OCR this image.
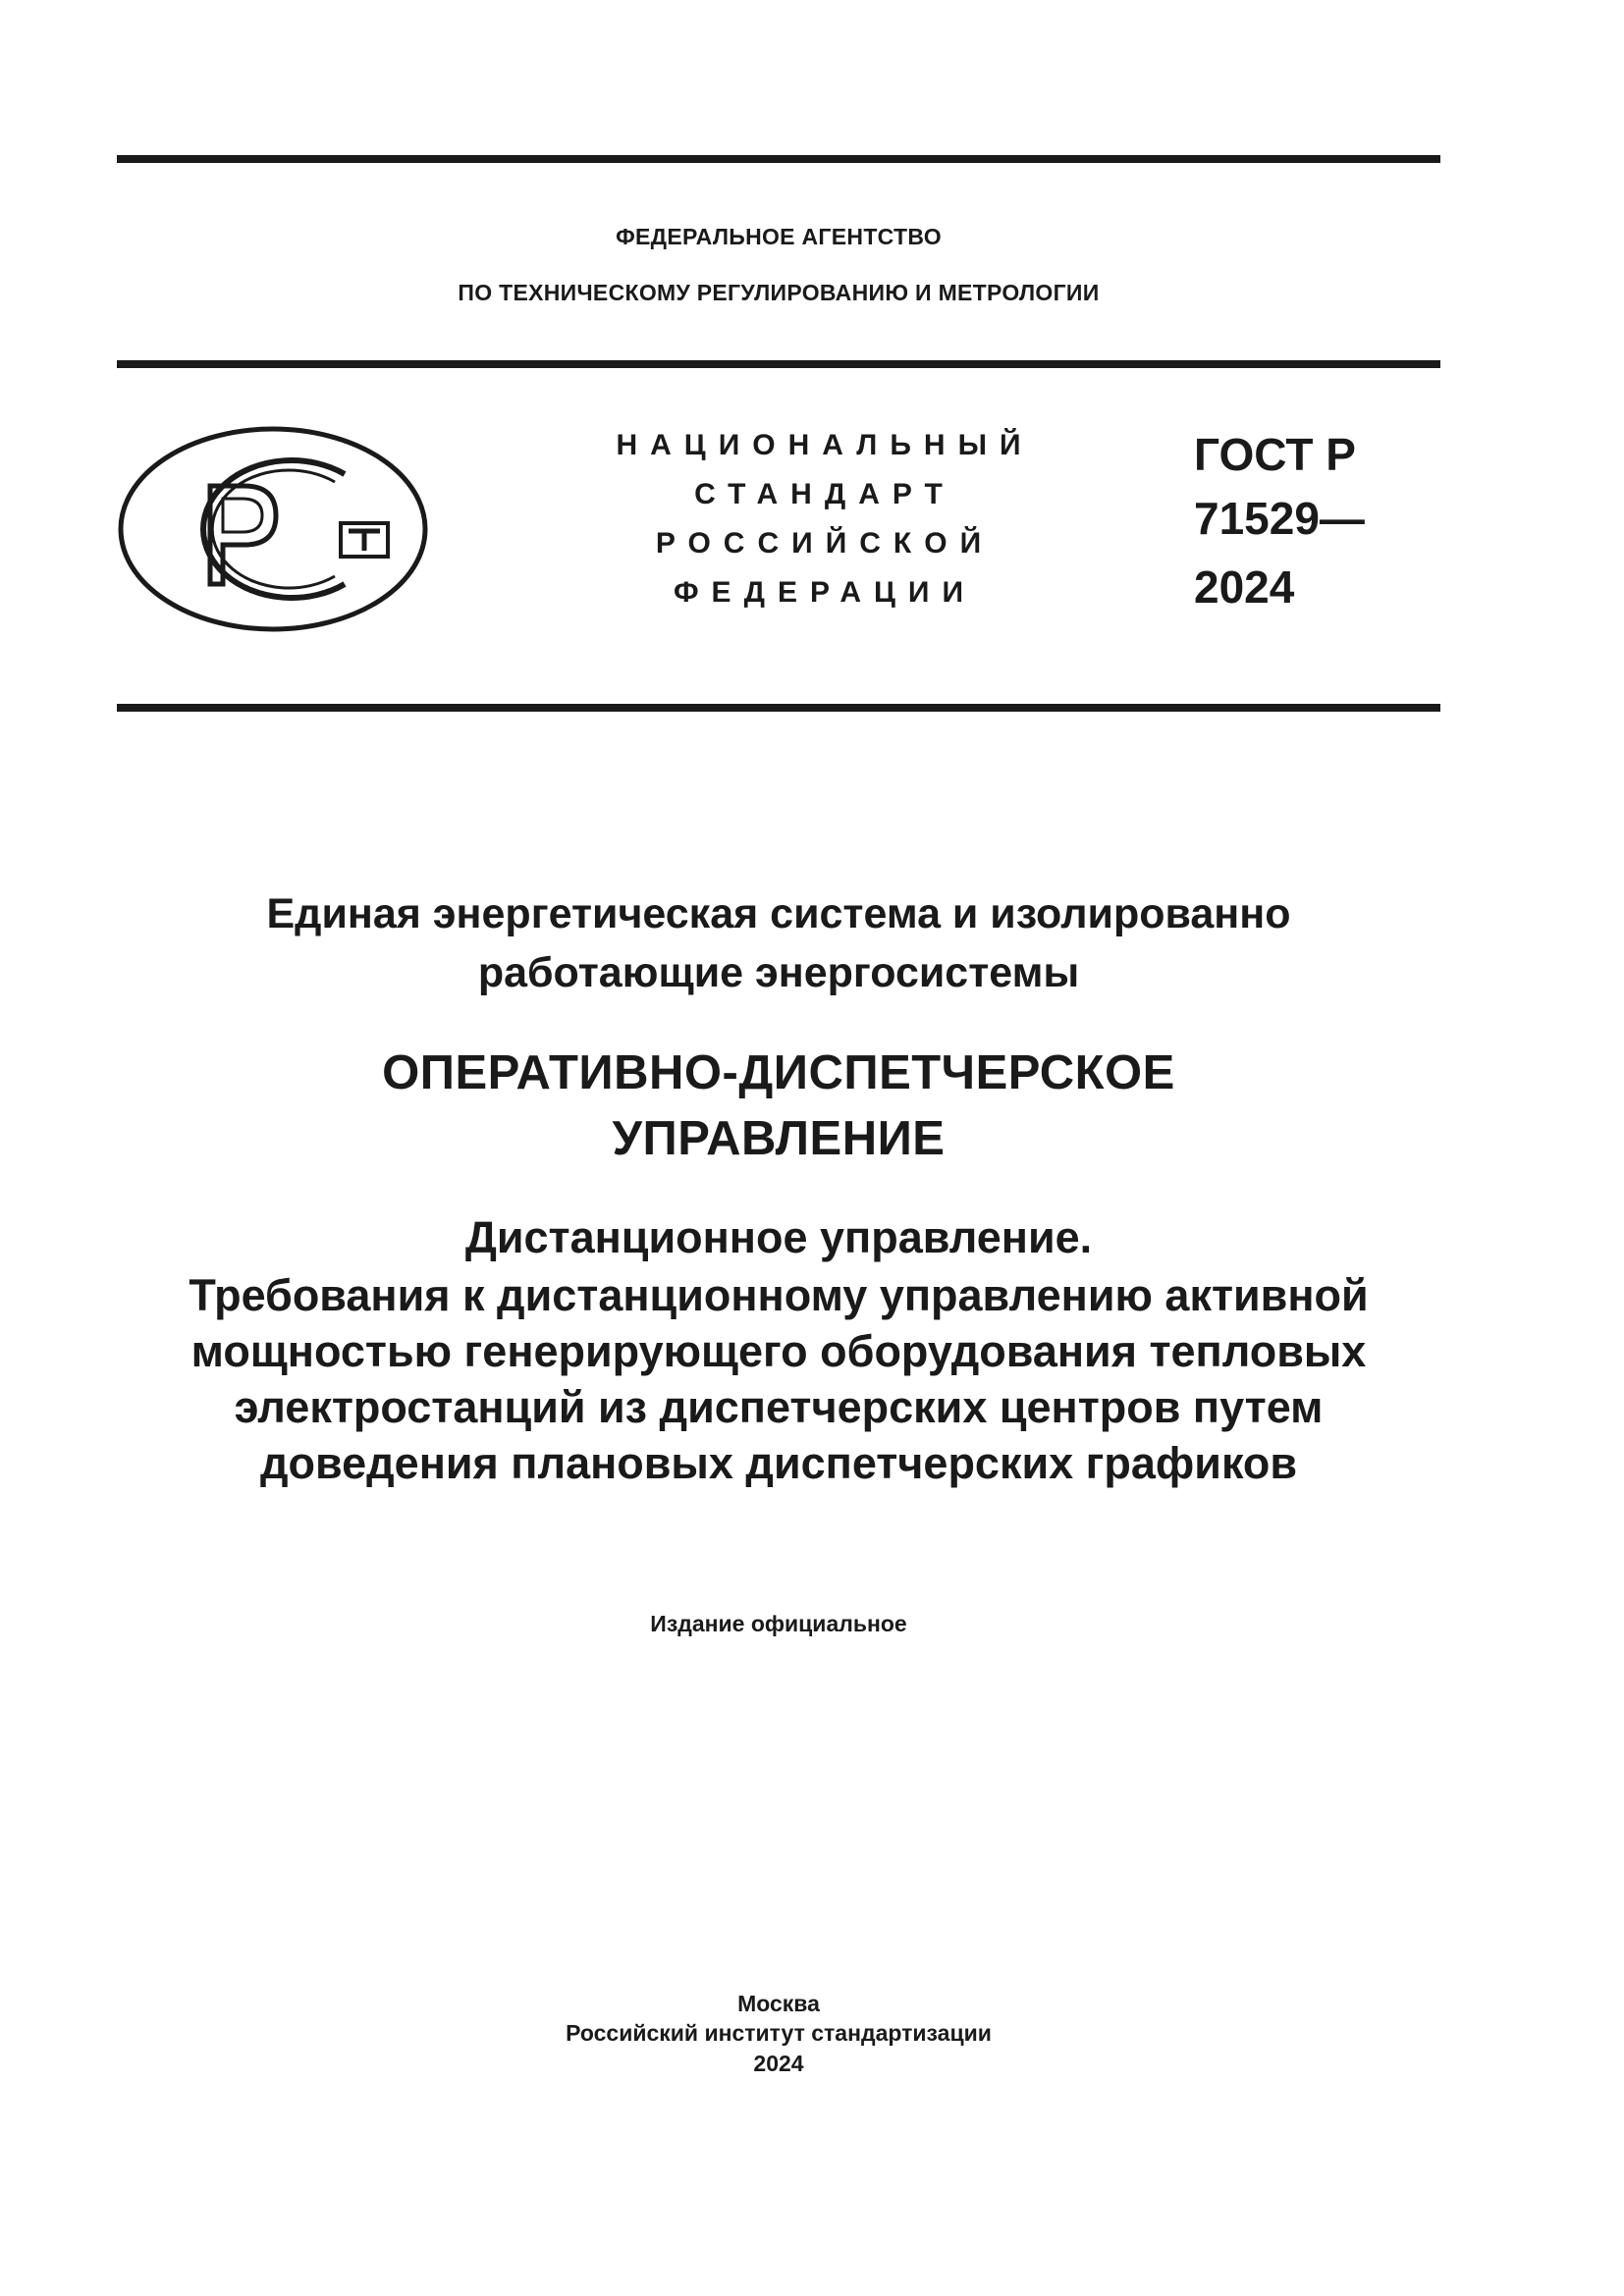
ФЕДЕРАЛЬНОЕ АГЕНТСТВО
ПО ТЕХНИЧЕСКОМУ РЕГУЛИРОВАНИЮ И МЕТРОЛОГИИ
НАЦИОНАЛЬНЫЙ
СТАНДАРТ
РОССИЙСКОЙ
ФЕДЕРАЦИИ
ГОСТ Р
71529—
2024
Единая энергетическая система и изолированно
работающие энергосистемы
ОПЕРАТИВНО-ДИСПЕТЧЕРСКОЕ
УПРАВЛЕНИЕ
Дистанционное управление.
Требования к дистанционному управлению активной
мощностью генерирующего оборудования тепловых
электростанций из диспетчерских центров путем
доведения плановых диспетчерских графиков
Издание официальное
Москва
Российский институт стандартизации
2024
